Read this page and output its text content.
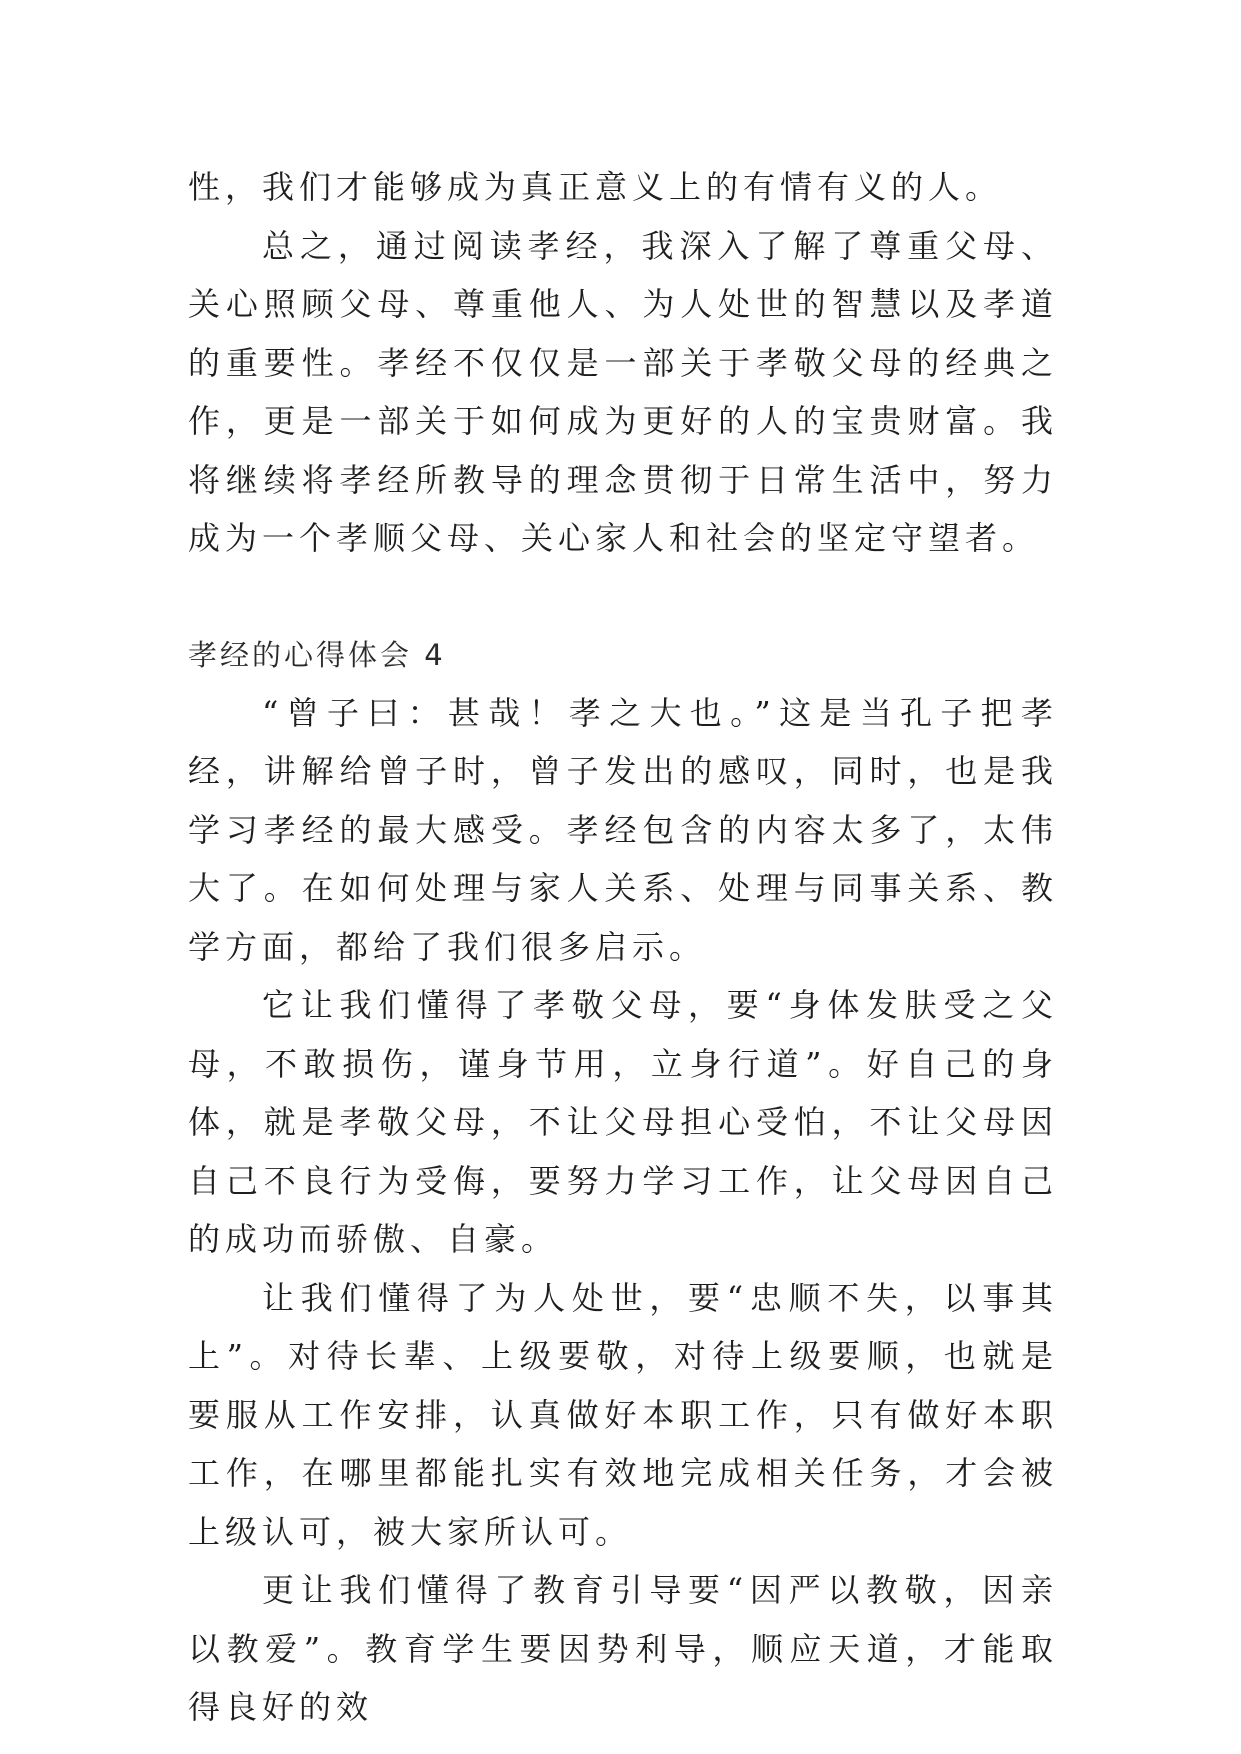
性，我们才能够成为真正意义上的有情有义的人。

总之，通过阅读孝经，我深入了解了尊重父母、关心照顾父母、尊重他人、为人处世的智慧以及孝道的重要性。孝经不仅仅是一部关于孝敬父母的经典之作，更是一部关于如何成为更好的人的宝贵财富。我将继续将孝经所教导的理念贯彻于日常生活中，努力成为一个孝顺父母、关心家人和社会的坚定守望者。

孝经的心得体会 4

“曾子曰：甚哉！孝之大也。”这是当孔子把孝经，讲解给曾子时，曾子发出的感叹，同时，也是我学习孝经的最大感受。孝经包含的内容太多了，太伟大了。在如何处理与家人关系、处理与同事关系、教学方面，都给了我们很多启示。

它让我们懂得了孝敬父母，要“身体发肤受之父母，不敢损伤，谨身节用，立身行道”。好自己的身体，就是孝敬父母，不让父母担心受怕，不让父母因自己不良行为受侮，要努力学习工作，让父母因自己的成功而骄傲、自豪。

让我们懂得了为人处世，要“忠顺不失，以事其上”。对待长辈、上级要敬，对待上级要顺，也就是要服从工作安排，认真做好本职工作，只有做好本职工作，在哪里都能扎实有效地完成相关任务，才会被上级认可，被大家所认可。

更让我们懂得了教育引导要“因严以教敬，因亲以教爱”。教育学生要因势利导，顺应天道，才能取得良好的效
